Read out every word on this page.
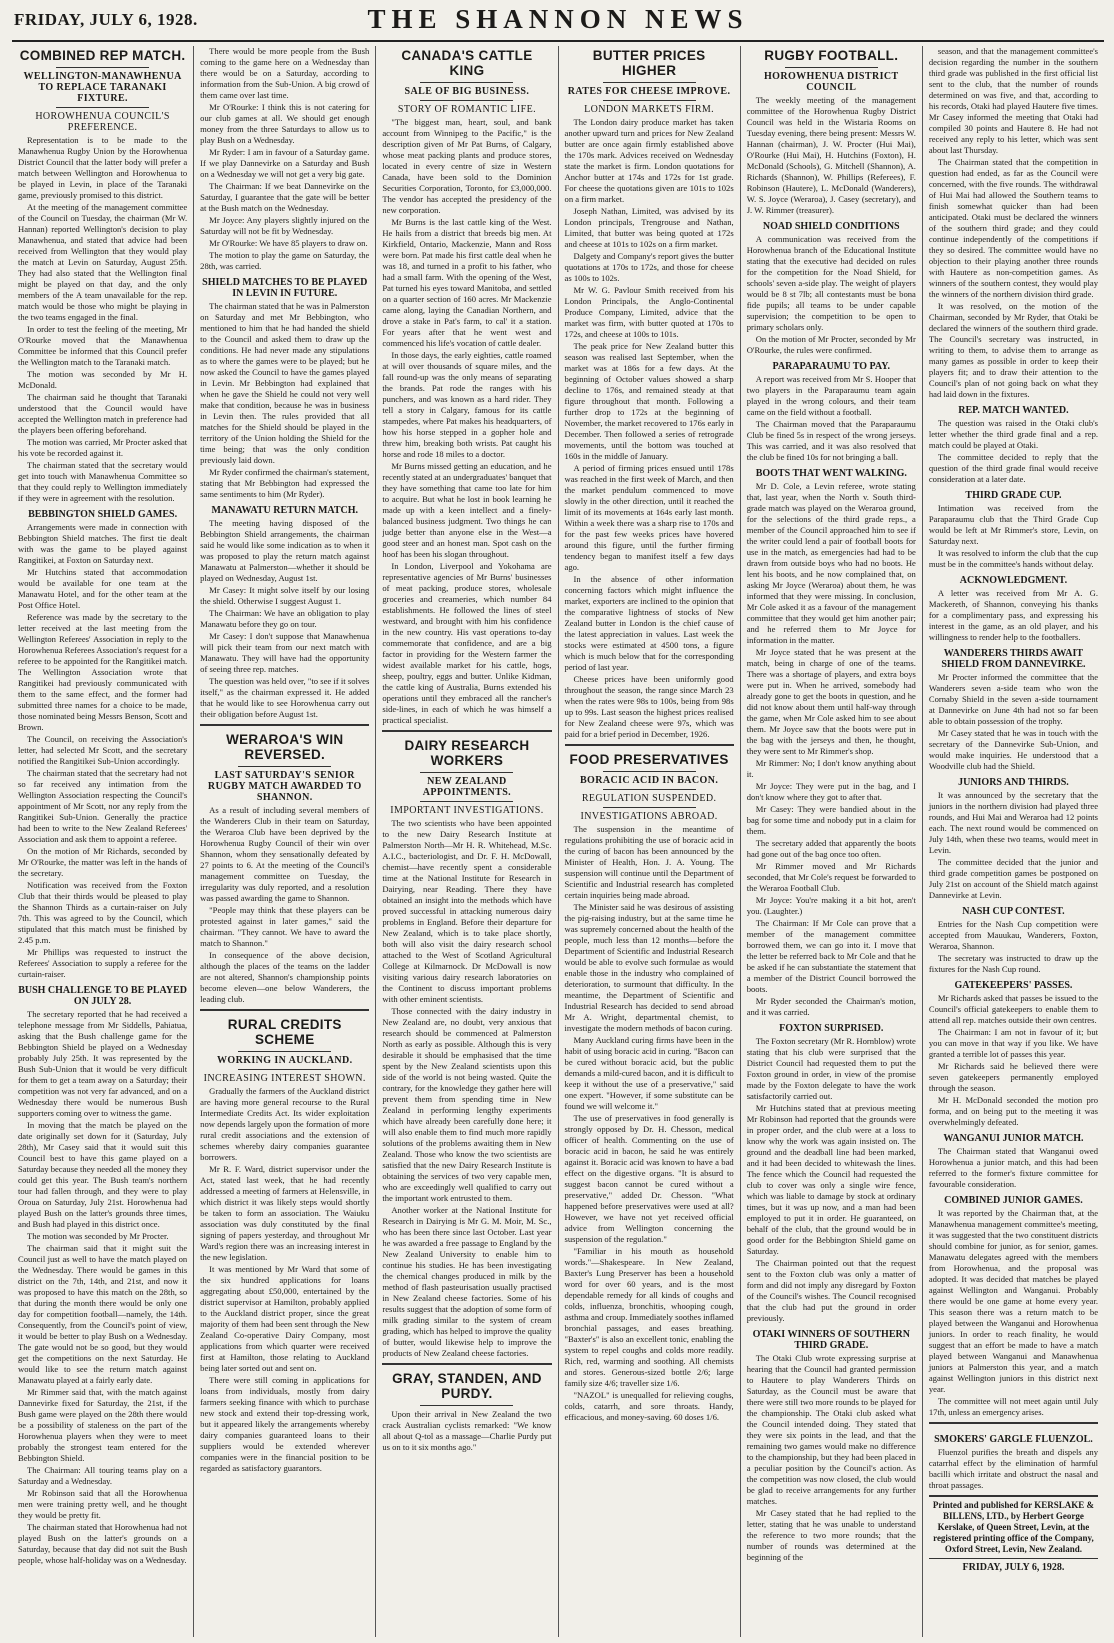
FRIDAY, JULY 6, 1928.	THE SHANNON NEWS
COMBINED REP MATCH.
WELLINGTON-MANAWHENUA TO REPLACE TARANAKI FIXTURE.
HOROWHENUA COUNCIL'S PREFERENCE.

Representation is to be made to the Manawhenua Rugby Union by the Horowhenua District Council that the latter body will prefer a match between Wellington and Horowhenua to be played in Levin, in place of the Taranaki game, previously promised to this district.

At the meeting of the management committee of the Council on Tuesday, the chairman (Mr W. Hannan) reported Wellington's decision to play Manawhenua, and stated that advice had been received from Wellington that they would play the match at Levin on Saturday, August 25th. They had also stated that the Wellington final might be played on that day, and the only members of the A team unavailable for the rep. match would be those who might be playing in the two teams engaged in the final.

In order to test the feeling of the meeting, Mr O'Rourke moved that the Manawhenua Committee be informed that this Council prefer the Wellington match to the Taranaki match.

The motion was seconded by Mr H. McDonald.

The chairman said he thought that Taranaki understood that the Council would have accepted the Wellington match in preference had the players been offering beforehand.

The motion was carried, Mr Procter asked that his vote be recorded against it.

The chairman stated that the secretary would get into touch with Manawhenua Committee so that they could reply to Wellington immediately if they were in agreement with the resolution.

BEBBINGTON SHIELD GAMES.

Arrangements were made in connection with Bebbington Shield matches. The first tie dealt with was the game to be played against Rangitikei, at Foxton on Saturday next.

Mr Hutchins stated that accommodation would be available for one team at the Manawatu Hotel, and for the other team at the Post Office Hotel.

Reference was made by the secretary to the letter received at the last meeting from the Wellington Referees' Association in reply to the Horowhenua Referees Association's request for a referee to be appointed for the Rangitikei match. The Wellington Association wrote that Rangitikei had previously communicated with them to the same effect, and the former had submitted three names for a choice to be made, those nominated being Messrs Benson, Scott and Brown.

The Council, on receiving the Association's letter, had selected Mr Scott, and the secretary notified the Rangitikei Sub-Union accordingly.

The chairman stated that the secretary had not so far received any intimation from the Wellington Association respecting the Council's appointment of Mr Scott, nor any reply from the Rangitikei Sub-Union. Generally the practice had been to write to the New Zealand Referees' Association and ask them to appoint a referee.

On the motion of Mr Richards, seconded by Mr O'Rourke, the matter was left in the hands of the secretary.

Notification was received from the Foxton Club that their thirds would be pleased to play the Shannon Thirds as a curtain-raiser on July 7th. This was agreed to by the Council, which stipulated that this match must be finished by 2.45 p.m.

Mr Phillips was requested to instruct the Referees' Association to supply a referee for the curtain-raiser.

BUSH CHALLENGE TO BE PLAYED ON JULY 28.

The secretary reported that he had received a telephone message from Mr Siddells, Pahiatua, asking that the Bush challenge game for the Bebbington Shield be played on a Wednesday probably July 25th. It was represented by the Bush Sub-Union that it would be very difficult for them to get a team away on a Saturday; their competition was not very far advanced, and on a Wednesday there would be numerous Bush supporters coming over to witness the game.

In moving that the match be played on the date originally set down for it (Saturday, July 28th), Mr Casey said that it would suit this Council best to have this game played on a Saturday because they needed all the money they could get this year. The Bush team's northern tour had fallen through, and they were to play Oroua on Saturday, July 21st. Horowhenua had played Bush on the latter's grounds three times, and Bush had played in this district once.

The motion was seconded by Mr Procter.

The chairman said that it might suit the Council just as well to have the match played on the Wednesday. There would be games in this district on the 7th, 14th, and 21st, and now it was proposed to have this match on the 28th, so that during the month there would be only one day for competition football—namely, the 14th. Consequently, from the Council's point of view, it would be better to play Bush on a Wednesday. The gate would not be so good, but they would get the competitions on the next Saturday. He would like to see the return match against Manawatu played at a fairly early date.

Mr Rimmer said that, with the match against Dannevirke fixed for Saturday, the 21st, if the Bush game were played on the 28th there would be a possibility of staleness on the part of the Horowhenua players when they were to meet probably the strongest team entered for the Bebbington Shield.

The Chairman: All touring teams play on a Saturday and a Wednesday.

Mr Robinson said that all the Horowhenua men were training pretty well, and he thought they would be pretty fit.

The chairman stated that Horowhenua had not played Bush on the latter's grounds on a Saturday, because that day did not suit the Bush people, whose half-holiday was on a Wednesday.

There would be more people from the Bush coming to the game here on a Wednesday than there would be on a Saturday, according to information from the Sub-Union. A big crowd of them came over last time.

Mr O'Rourke: I think this is not catering for our club games at all. We should get enough money from the three Saturdays to allow us to play Bush on a Wednesday.

Mr Ryder: I am in favour of a Saturday game. If we play Dannevirke on a Saturday and Bush on a Wednesday we will not get a very big gate.

The Chairman: If we beat Dannevirke on the Saturday, I guarantee that the gate will be better at the Bush match on the Wednesday.

Mr Joyce: Any players slightly injured on the Saturday will not be fit by Wednesday.

Mr O'Rourke: We have 85 players to draw on.

The motion to play the game on Saturday, the 28th, was carried.

SHIELD MATCHES TO BE PLAYED IN LEVIN IN FUTURE.

The chairman stated that he was in Palmerston on Saturday and met Mr Bebbington, who mentioned to him that he had handed the shield to the Council and asked them to draw up the conditions. He had never made any stipulations as to where the games were to be played; but he now asked the Council to have the games played in Levin. Mr Bebbington had explained that when he gave the Shield he could not very well make that condition, because he was in business in Levin then. The rules provided that all matches for the Shield should be played in the territory of the Union holding the Shield for the time being; that was the only condition previously laid down.

Mr Ryder confirmed the chairman's statement, stating that Mr Bebbington had expressed the same sentiments to him (Mr Ryder).

MANAWATU RETURN MATCH.

The meeting having disposed of the Bebbington Shield arrangements, the chairman said he would like some indication as to when it was proposed to play the return match against Manawatu at Palmerston—whether it should be played on Wednesday, August 1st.

Mr Casey: It might solve itself by our losing the shield. Otherwise I suggest August 1.

The Chairman: We have an obligation to play Manawatu before they go on tour.

Mr Casey: I don't suppose that Manawhenua will pick their team from our next match with Manawatu. They will have had the opportunity of seeing three rep. matches.

The question was held over, "to see if it solves itself," as the chairman expressed it. He added that he would like to see Horowhenua carry out their obligation before August 1st.

WERAROA'S WIN REVERSED.
LAST SATURDAY'S SENIOR RUGBY MATCH AWARDED TO SHANNON.

As a result of including several members of the Wanderers Club in their team on Saturday, the Weraroa Club have been deprived by the Horowhenua Rugby Council of their win over Shannon, whom they sensationally defeated by 27 points to 6. At the meeting of the Council's management committee on Tuesday, the irregularity was duly reported, and a resolution was passed awarding the game to Shannon.

"People may think that these players can be protested against in later games," said the chairman. "They cannot. We have to award the match to Shannon."

In consequence of the above decision, although the places of the teams on the ladder are not altered, Shannon's championship points become eleven—one below Wanderers, the leading club.

RURAL CREDITS SCHEME
WORKING IN AUCKLAND.
INCREASING INTEREST SHOWN.

Gradually the farmers of the Auckland district are having more general recourse to the Rural Intermediate Credits Act. Its wider exploitation now depends largely upon the formation of more rural credit associations and the extension of schemes whereby dairy companies guarantee borrowers.

Mr R. F. Ward, district supervisor under the Act, stated last week, that he had recently addressed a meeting of farmers at Helensville, in which district it was likely steps would shortly be taken to form an association. The Waiuku association was duly constituted by the final signing of papers yesterday, and throughout Mr Ward's region there was an increasing interest in the new legislation.

It was mentioned by Mr Ward that some of the six hundred applications for loans aggregating about £50,000, entertained by the district supervisor at Hamilton, probably applied to the Auckland district proper, since the great majority of them had been sent through the New Zealand Co-operative Dairy Company, most applications from which quarter were received first at Hamilton, those relating to Auckland being later sorted out and sent on.

There were still coming in applications for loans from individuals, mostly from dairy farmers seeking finance with which to purchase new stock and extend their top-dressing work, but it appeared likely the arrangements whereby dairy companies guaranteed loans to their suppliers would be extended wherever companies were in the financial position to be regarded as satisfactory guarantors.

CANADA'S CATTLE KING
SALE OF BIG BUSINESS.
STORY OF ROMANTIC LIFE.

"The biggest man, heart, soul, and bank account from Winnipeg to the Pacific," is the description given of Mr Pat Burns, of Calgary, whose meat packing plants and produce stores, located in every centre of size in Western Canada, have been sold to the Dominion Securities Corporation, Toronto, for £3,000,000. The vendor has accepted the presidency of the new corporation.

Mr Burns is the last cattle king of the West. He hails from a district that breeds big men. At Kirkfield, Ontario, Mackenzie, Mann and Ross were born. Pat made his first cattle deal when he was 18, and turned in a profit to his father, who had a small farm. With the opening of the West, Pat turned his eyes toward Manitoba, and settled on a quarter section of 160 acres. Mr Mackenzie came along, laying the Canadian Northern, and drove a stake in Pat's farm, to cal' it a station. For years after that he went west and commenced his life's vocation of cattle dealer.

In those days, the early eighties, cattle roamed at will over thousands of square miles, and the fall round-up was the only means of separating the brands. Pat rode the ranges with his punchers, and was known as a hard rider. They tell a story in Calgary, famous for its cattle stampedes, where Pat makes his headquarters, of how his horse stepped in a gopher hole and threw him, breaking both wrists. Pat caught his horse and rode 18 miles to a doctor.

Mr Burns missed getting an education, and he recently stated at an undergraduates' banquet that they have something that came too late for him to acquire. But what he lost in book learning he made up with a keen intellect and a finely-balanced business judgment. Two things he can judge better than anyone else in the West—a good steer and an honest man. Spot cash on the hoof has been his slogan throughout.

In London, Liverpool and Yokohama are representative agencies of Mr Burns' businesses of meat packing, produce stores, wholesale groceries and creameries, which number 84 establishments. He followed the lines of steel westward, and brought with him his confidence in the new country. His vast operations to-day commemorate that confidence, and are a big factor in providing for the Western farmer the widest available market for his cattle, hogs, sheep, poultry, eggs and butter. Unlike Kidman, the cattle king of Australia, Burns extended his operations until they embraced all the rancher's side-lines, in each of which he was himself a practical specialist.

DAIRY RESEARCH WORKERS
NEW ZEALAND APPOINTMENTS.
IMPORTANT INVESTIGATIONS.

The two scientists who have been appointed to the new Dairy Research Institute at Palmerston North—Mr H. R. Whitehead, M.Sc. A.I.C., bacteriologist, and Dr. F. H. McDowall, chemist—have recently spent a considerable time at the National Institute for Research in Dairying, near Reading. There they have obtained an insight into the methods which have proved successful in attacking numerous dairy problems in England. Before their departure for New Zealand, which is to take place shortly, both will also visit the dairy research school attached to the West of Scotland Agricultural College at Kilmarnock. Dr McDowall is now visiting various dairy research laboratories on the Continent to discuss important problems with other eminent scientists.

Those connected with the dairy industry in New Zealand are, no doubt, very anxious that research should be commenced at Palmerston North as early as possible. Although this is very desirable it should be emphasised that the time spent by the New Zealand scientists upon this side of the world is not being wasted. Quite the contrary, for the knowledge they gather here will prevent them from spending time in New Zealand in performing lengthy experiments which have already been carefully done here; it will also enable them to find much more rapidly solutions of the problems awaiting them in New Zealand. Those who know the two scientists are satisfied that the new Dairy Research Institute is obtaining the services of two very capable men, who are exceedingly well qualified to carry out the important work entrusted to them.

Another worker at the National Institute for Research in Dairying is Mr G. M. Moir, M. Sc., who has been there since last October. Last year he was awarded a free passage to England by the New Zealand University to enable him to continue his studies. He has been investigating the chemical changes produced in milk by the method of flash pasteurisation usually practised in New Zealand cheese factories. Some of his results suggest that the adoption of some form of milk grading similar to the system of cream grading, which has helped to improve the quality of butter, would likewise help to improve the products of New Zealand cheese factories.

GRAY, STANDEN, AND PURDY.

Upon their arrival in New Zealand the two crack Australian cyclists remarked: "We know all about Q-tol as a massage—Charlie Purdy put us on to it six months ago."

BUTTER PRICES HIGHER
RATES FOR CHEESE IMPROVE.
LONDON MARKETS FIRM.

The London dairy produce market has taken another upward turn and prices for New Zealand butter are once again firmly established above the 170s mark. Advices received on Wednesday state the market is firm. London quotations for Anchor butter at 174s and 172s for 1st grade. For cheese the quotations given are 101s to 102s on a firm market.

Joseph Nathan, Limited, was advised by its London principals, Trengrouse and Nathan, Limited, that butter was being quoted at 172s and cheese at 101s to 102s on a firm market.

Dalgety and Company's report gives the butter quotations at 170s to 172s, and those for cheese as 100s to 102s.

Mr W. G. Pavlour Smith received from his London Principals, the Anglo-Continental Produce Company, Limited, advice that the market was firm, with butter quoted at 170s to 172s, and cheese at 100s to 101s.

The peak price for New Zealand butter this season was realised last September, when the market was at 186s for a few days. At the beginning of October values showed a sharp decline to 176s, and remained steady at that figure throughout that month. Following a further drop to 172s at the beginning of November, the market recovered to 176s early in December. Then followed a series of retrograde movements, until the bottom was touched at 160s in the middle of January.

A period of firming prices ensued until 178s was reached in the first week of March, and then the market pendulum commenced to move slowly in the other direction, until it reached the limit of its movements at 164s early last month. Within a week there was a sharp rise to 170s and for the past few weeks prices have hovered around this figure, until the further firming tendency began to manifest itself a few days ago.

In the absence of other information concerning factors which might influence the market, exporters are inclined to the opinion that the comparative lightness of stocks of New Zealand butter in London is the chief cause of the latest appreciation in values. Last week the stocks were estimated at 4500 tons, a figure which is much below that for the corresponding period of last year.

Cheese prices have been uniformly good throughout the season, the range since March 23 when the rates were 98s to 100s, being from 98s up to 99s. Last season the highest prices realised for New Zealand cheese were 97s, which was paid for a brief period in December, 1926.

FOOD PRESERVATIVES
BORACIC ACID IN BACON.
REGULATION SUSPENDED.
INVESTIGATIONS ABROAD.

The suspension in the meantime of regulations prohibiting the use of boracic acid in the curing of bacon has been announced by the Minister of Health, Hon. J. A. Young. The suspension will continue until the Department of Scientific and Industrial research has completed certain inquiries being made abroad.

The Minister said he was desirous of assisting the pig-raising industry, but at the same time he was supremely concerned about the health of the people, much less than 12 months—before the Department of Scientific and Industrial Research would be able to evolve such formulae as would enable those in the industry who complained of deterioration, to surmount that difficulty. In the meantime, the Department of Scientific and Industrial Research has decided to send abroad Mr A. Wright, departmental chemist, to investigate the modern methods of bacon curing.

Many Auckland curing firms have been in the habit of using boracic acid in curing. "Bacon can be cured without boracic acid, but the public demands a mild-cured bacon, and it is difficult to keep it without the use of a preservative," said one expert. "However, if some substitute can be found we will welcome it."

The use of preservatives in food generally is strongly opposed by Dr. H. Chesson, medical officer of health. Commenting on the use of boracic acid in bacon, he said he was entirely against it. Boracic acid was known to have a bad effect on the digestive organs. "It is absurd to suggest bacon cannot be cured without a preservative," added Dr. Chesson. "What happened before preservatives were used at all? However, we have not yet received official advice from Wellington concerning the suspension of the regulation."

"Familiar in his mouth as household words."—Shakespeare. In New Zealand, Baxter's Lung Preserver has been a household word for over 60 years, and is the most dependable remedy for all kinds of coughs and colds, influenza, bronchitis, whooping cough, asthma and croup. Immediately soothes inflamed bronchial passages, and eases breathing. "Baxter's" is also an excellent tonic, enabling the system to repel coughs and colds more readily. Rich, red, warming and soothing. All chemists and stores. Generous-sized bottle 2/6; large family size 4/6; traveller size 1/6.

"NAZOL" is unequalled for relieving coughs, colds, catarrh, and sore throats. Handy, efficacious, and money-saving. 60 doses 1/6.

RUGBY FOOTBALL.
HOROWHENUA DISTRICT COUNCIL

The weekly meeting of the management committee of the Horowhenua Rugby District Council was held in the Wistaria Rooms on Tuesday evening, there being present: Messrs W. Hannan (chairman), J. W. Procter (Hui Mai), O'Rourke (Hui Mai), H. Hutchins (Foxton), H. McDonald (Schools), G. Mitchell (Shannon), A. Richards (Shannon), W. Phillips (Referees), F. Robinson (Hautere), L. McDonald (Wanderers), W. S. Joyce (Weraroa), J. Casey (secretary), and J. W. Rimmer (treasurer).

NOAD SHIELD CONDITIONS

A communication was received from the Horowhenua branch of the Educational Institute stating that the executive had decided on rules for the competition for the Noad Shield, for schools' seven a-side play. The weight of players would be 8 st 7lb; all contestants must be bona fide pupils; all teams to be under capable supervision; the competition to be open to primary scholars only.

On the motion of Mr Procter, seconded by Mr O'Rourke, the rules were confirmed.

PARAPARAUMU TO PAY.

A report was received from Mr S. Hooper that two players in the Paraparaumu team again played in the wrong colours, and their team came on the field without a football.

The Chairman moved that the Paraparaumu Club be fined 5s in respect of the wrong jerseys. This was carried, and it was also resolved that the club be fined 10s for not bringing a ball.

BOOTS THAT WENT WALKING.

Mr D. Cole, a Levin referee, wrote stating that, last year, when the North v. South third-grade match was played on the Weraroa ground, for the selections of the third grade reps., a member of the Council approached him to see if the writer could lend a pair of football boots for use in the match, as emergencies had had to be drawn from outside boys who had no boots. He lent his boots, and he now complained that, on asking Mr Joyce (Weraroa) about them, he was informed that they were missing. In conclusion, Mr Cole asked it as a favour of the management committee that they would get him another pair; and he referred them to Mr Joyce for information in the matter.

Mr Joyce stated that he was present at the match, being in charge of one of the teams. There was a shortage of players, and extra boys were put in. When he arrived, somebody had already gone to get the boots in question, and he did not know about them until half-way through the game, when Mr Cole asked him to see about them. Mr Joyce saw that the boots were put in the bag with the jerseys and then, he thought, they were sent to Mr Rimmer's shop.

Mr Rimmer: No; I don't know anything about it.

Mr Joyce: They were put in the bag, and I don't know where they got to after that.

Mr Casey: They were bandied about in the bag for some time and nobody put in a claim for them.

The secretary added that apparently the boots had gone out of the bag once too often.

Mr Rimmer moved and Mr Richards seconded, that Mr Cole's request be forwarded to the Weraroa Football Club.

Mr Joyce: You're making it a bit hot, aren't you. (Laughter.)

The Chairman: If Mr Cole can prove that a member of the management committee borrowed them, we can go into it. I move that the letter be referred back to Mr Cole and that he be asked if he can substantiate the statement that a member of the District Council borrowed the boots.

Mr Ryder seconded the Chairman's motion, and it was carried.

FOXTON SURPRISED.

The Foxton secretary (Mr R. Hornblow) wrote stating that his club were surprised that the District Council had requested them to put the Foxton ground in order, in view of the promise made by the Foxton delegate to have the work satisfactorily carried out.

Mr Hutchins stated that at previous meeting Mr Robinson had reported that the grounds were in proper order, and the club were at a loss to know why the work was again insisted on. The ground and the deadball line had been marked, and it had been decided to whitewash the lines. The fence which the Council had requested the club to cover was only a single wire fence, which was liable to damage by stock at ordinary times, but it was up now, and a man had been employed to put it in order. He guaranteed, on behalf of the club, that the ground would be in good order for the Bebbington Shield game on Saturday.

The Chairman pointed out that the request sent to the Foxton club was only a matter of form and did not imply any disregard by Foxton of the Council's wishes. The Council recognised that the club had put the ground in order previously.

OTAKI WINNERS OF SOUTHERN THIRD GRADE.

The Otaki Club wrote expressing surprise at hearing that the Council had granted permission to Hautere to play Wanderers Thirds on Saturday, as the Council must be aware that there were still two more rounds to be played for the championship. The Otaki club asked what the Council intended doing. They stated that they were six points in the lead, and that the remaining two games would make no difference to the championship, but they had been placed in a peculiar position by the Council's action. As the competition was now closed, the club would be glad to receive arrangements for any further matches.

Mr Casey stated that he had replied to the letter, stating that he was unable to understand the reference to two more rounds; that the number of rounds was determined at the beginning of the

season, and that the management committee's decision regarding the number in the southern third grade was published in the first official list sent to the club, that the number of rounds determined on was five, and that, according to his records, Otaki had played Hautere five times. Mr Casey informed the meeting that Otaki had compiled 30 points and Hautere 8. He had not received any reply to his letter, which was sent about last Thursday.

The Chairman stated that the competition in question had ended, as far as the Council were concerned, with the five rounds. The withdrawal of Hui Mai had allowed the Southern teams to finish somewhat quicker than had been anticipated. Otaki must be declared the winners of the southern third grade; and they could continue independently of the competitions if they so desired. The committee would have no objection to their playing another three rounds with Hautere as non-competition games. As winners of the southern contest, they would play the winners of the northern division third grade.

It was resolved, on the motion of the Chairman, seconded by Mr Ryder, that Otaki be declared the winners of the southern third grade. The Council's secretary was instructed, in writing to them, to advise them to arrange as many games as possible in order to keep their players fit; and to draw their attention to the Council's plan of not going back on what they had laid down in the fixtures.

REP. MATCH WANTED.

The question was raised in the Otaki club's letter whether the third grade final and a rep. match could be played at Otaki.

The committee decided to reply that the question of the third grade final would receive consideration at a later date.

THIRD GRADE CUP.

Intimation was received from the Paraparaumu club that the Third Grade Cup would be left at Mr Rimmer's store, Levin, on Saturday next.

It was resolved to inform the club that the cup must be in the committee's hands without delay.

ACKNOWLEDGMENT.

A letter was received from Mr A. G. Mackereth, of Shannon, conveying his thanks for a complimentary pass, and expressing his interest in the game, as an old player, and his willingness to render help to the footballers.

WANDERERS THIRDS AWAIT SHIELD FROM DANNEVIRKE.

Mr Procter informed the committee that the Wanderers seven a-side team who won the Cornaby Shield in the seven a-side tournament at Dannevirke on June 4th had not so far been able to obtain possession of the trophy.

Mr Casey stated that he was in touch with the secretary of the Dannevirke Sub-Union, and would make inquiries. He understood that a Woodville club had the Shield.

JUNIORS AND THIRDS.

It was announced by the secretary that the juniors in the northern division had played three rounds, and Hui Mai and Weraroa had 12 points each. The next round would be commenced on July 14th, when these two teams, would meet in Levin.

The committee decided that the junior and third grade competition games be postponed on July 21st on account of the Shield match against Dannevirke at Levin.

NASH CUP CONTEST.

Entries for the Nash Cup competition were accepted from Mauukau, Wanderers, Foxton, Weraroa, Shannon.

The secretary was instructed to draw up the fixtures for the Nash Cup round.

GATEKEEPERS' PASSES.

Mr Richards asked that passes be issued to the Council's official gatekeepers to enable them to attend all rep. matches outside their own centres.

The Chairman: I am not in favour of it; but you can move in that way if you like. We have granted a terrible lot of passes this year.

Mr Richards said he believed there were seven gatekeepers permanently employed through the season.

Mr H. McDonald seconded the motion pro forma, and on being put to the meeting it was overwhelmingly defeated.

WANGANUI JUNIOR MATCH.

The Chairman stated that Wanganui owed Horowhenua a junior match, and this had been referred to the former's fixture committee for favourable consideration.

COMBINED JUNIOR GAMES.

It was reported by the Chairman that, at the Manawhenua management committee's meeting, it was suggested that the two constituent districts should combine for junior, as for senior, games. Manawatu delegates agreed with the members from Horowhenua, and the proposal was adopted. It was decided that matches be played against Wellington and Wanganui. Probably there would be one game at home every year. This season there was a return match to be played between the Wanganui and Horowhenua juniors. In order to reach finality, he would suggest that an effort be made to have a match played between Wanganui and Manawhenua juniors at Palmerston this year, and a match against Wellington juniors in this district next year.

The committee will not meet again until July 17th, unless an emergency arises.

SMOKERS' GARGLE FLUENZOL.

Fluenzol purifies the breath and dispels any catarrhal effect by the elimination of harmful bacilli which irritate and obstruct the nasal and throat passages.

Printed and published for KERSLAKE & BILLENS, LTD., by Herbert George Kerslake, of Queen Street, Levin, at the registered printing office of the Company, Oxford Street, Levin, New Zealand.
FRIDAY, JULY 6, 1928.
